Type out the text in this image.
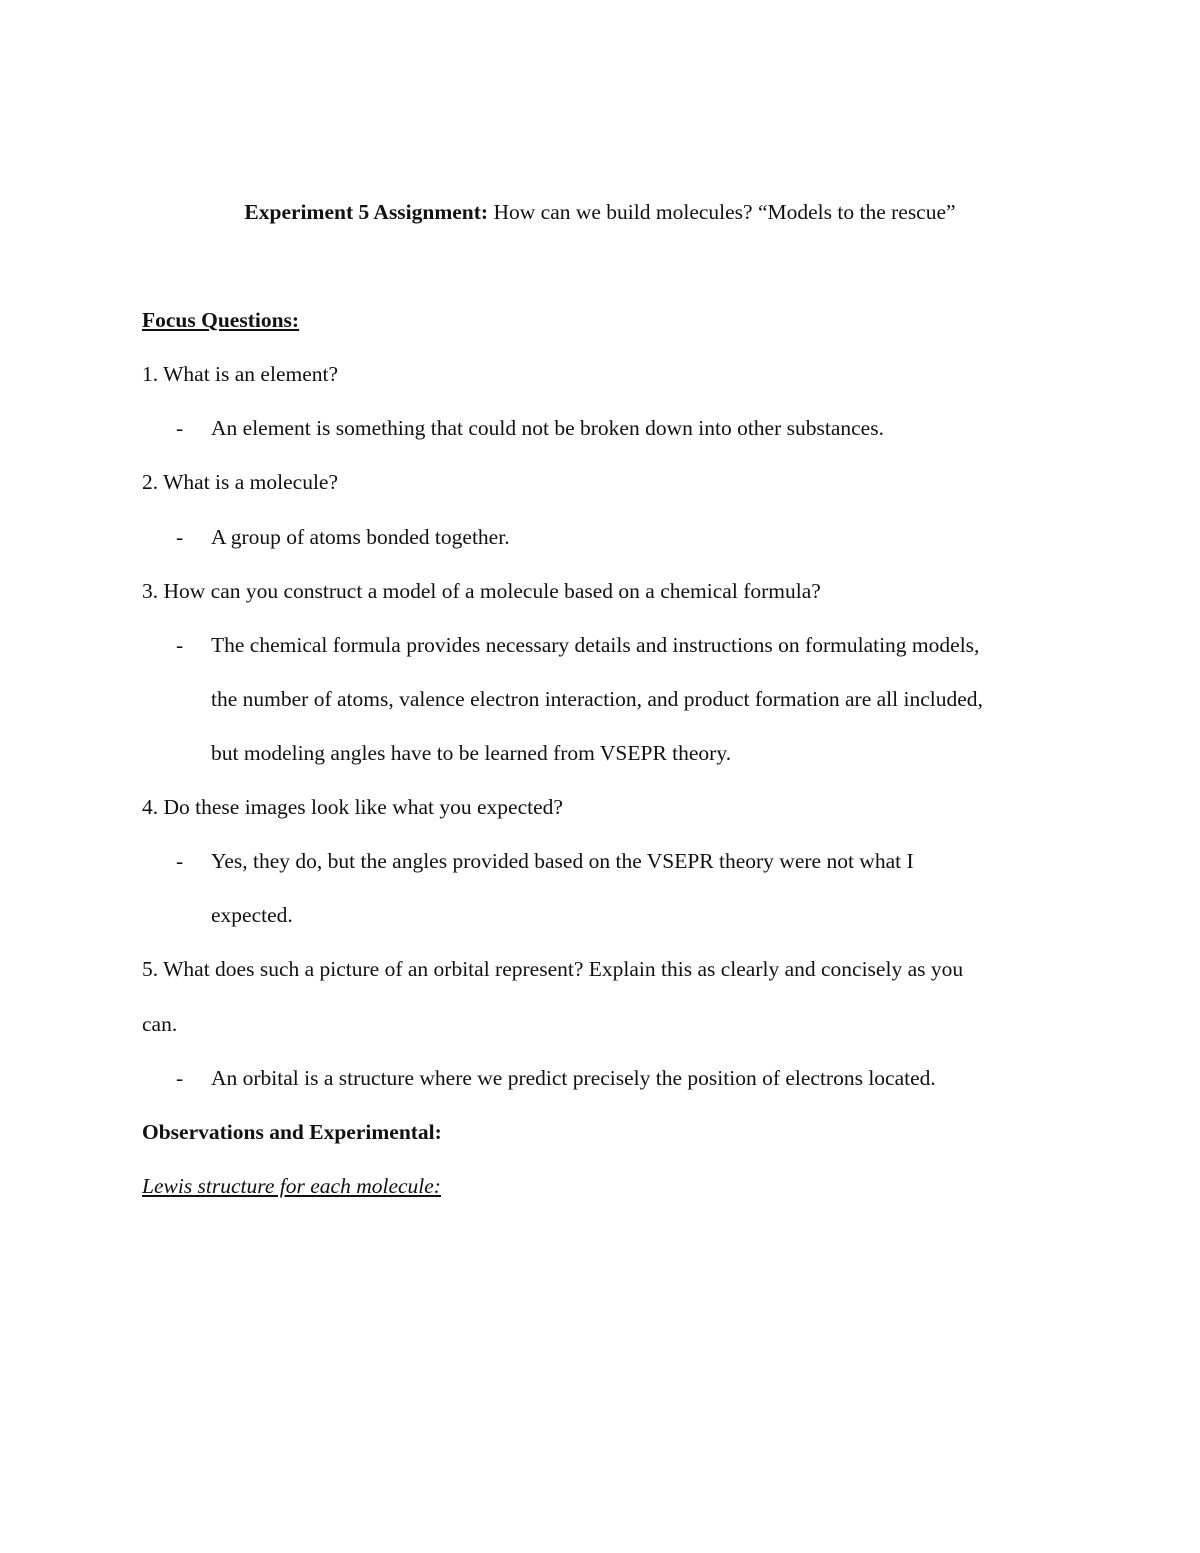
Experiment 5 Assignment: How can we build molecules? “Models to the rescue”
Focus Questions:
1. What is an element?
- An element is something that could not be broken down into other substances.
2. What is a molecule?
- A group of atoms bonded together.
3. How can you construct a model of a molecule based on a chemical formula?
- The chemical formula provides necessary details and instructions on formulating models,
the number of atoms, valence electron interaction, and product formation are all included,
but modeling angles have to be learned from VSEPR theory.
4. Do these images look like what you expected?
- Yes, they do, but the angles provided based on the VSEPR theory were not what I
expected.
5. What does such a picture of an orbital represent? Explain this as clearly and concisely as you
can.
- An orbital is a structure where we predict precisely the position of electrons located.
Observations and Experimental:
Lewis structure for each molecule:
